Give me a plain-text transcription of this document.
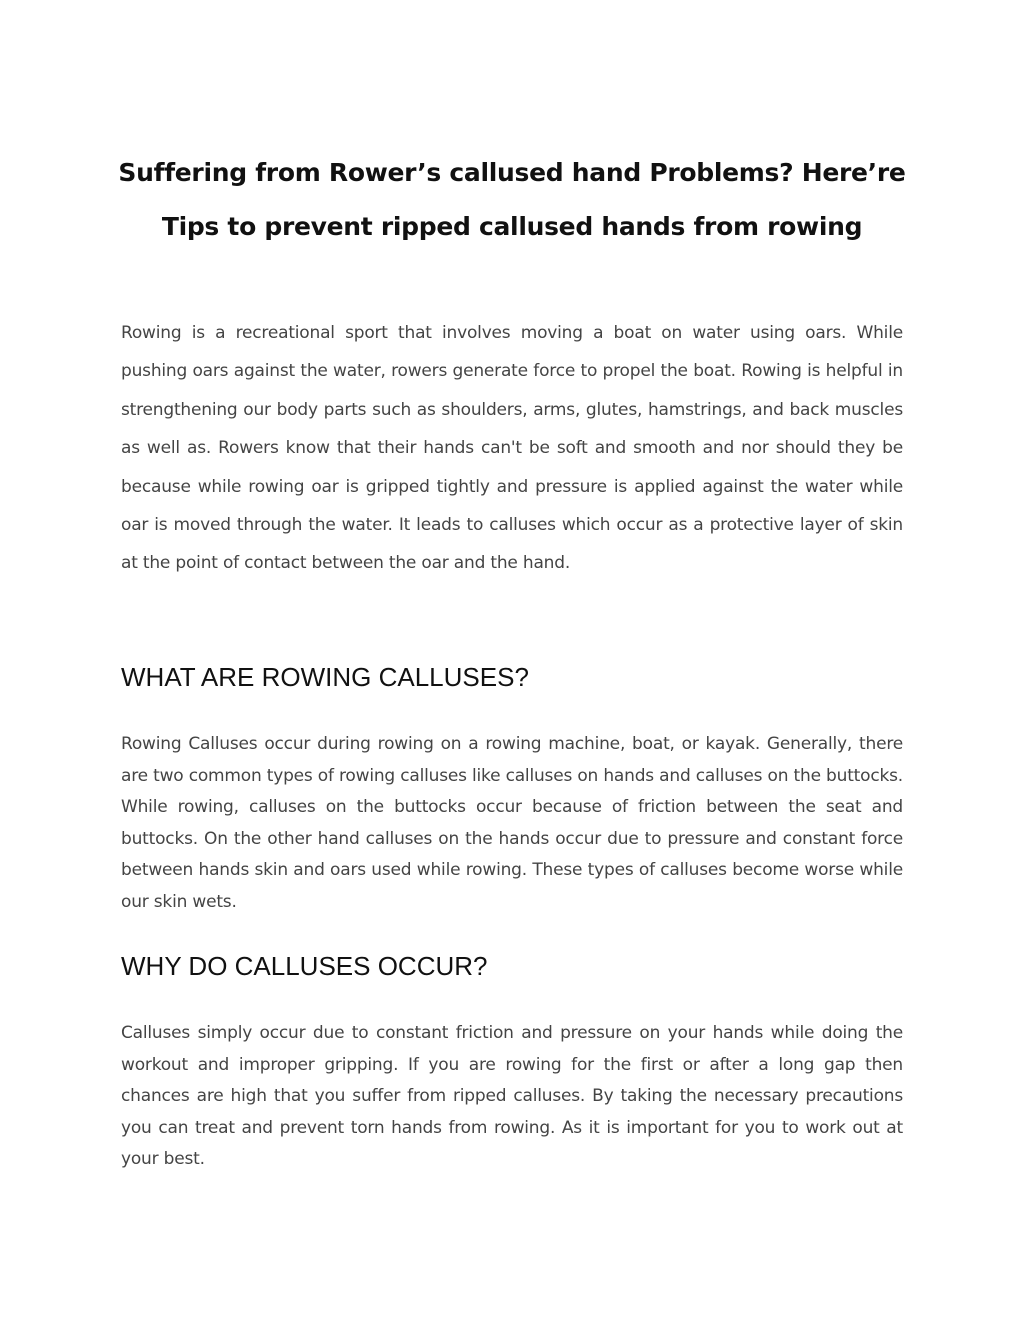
Suffering from Rower’s callused hand Problems? Here’re
Tips to prevent ripped callused hands from rowing

Rowing is a recreational sport that involves moving a boat on water using oars. While pushing oars against the water, rowers generate force to propel the boat. Rowing is helpful in strengthening our body parts such as shoulders, arms, glutes, hamstrings, and back muscles as well as. Rowers know that their hands can't be soft and smooth and nor should they be because while rowing oar is gripped tightly and pressure is applied against the water while oar is moved through the water. It leads to calluses which occur as a protective layer of skin at the point of contact between the oar and the hand.

WHAT ARE ROWING CALLUSES?

Rowing Calluses occur during rowing on a rowing machine, boat, or kayak. Generally, there are two common types of rowing calluses like calluses on hands and calluses on the buttocks. While rowing, calluses on the buttocks occur because of friction between the seat and buttocks. On the other hand calluses on the hands occur due to pressure and constant force between hands skin and oars used while rowing. These types of calluses become worse while our skin wets.

WHY DO CALLUSES OCCUR?

Calluses simply occur due to constant friction and pressure on your hands while doing the workout and improper gripping. If you are rowing for the first or after a long gap then chances are high that you suffer from ripped calluses. By taking the necessary precautions you can treat and prevent torn hands from rowing. As it is important for you to work out at your best.
